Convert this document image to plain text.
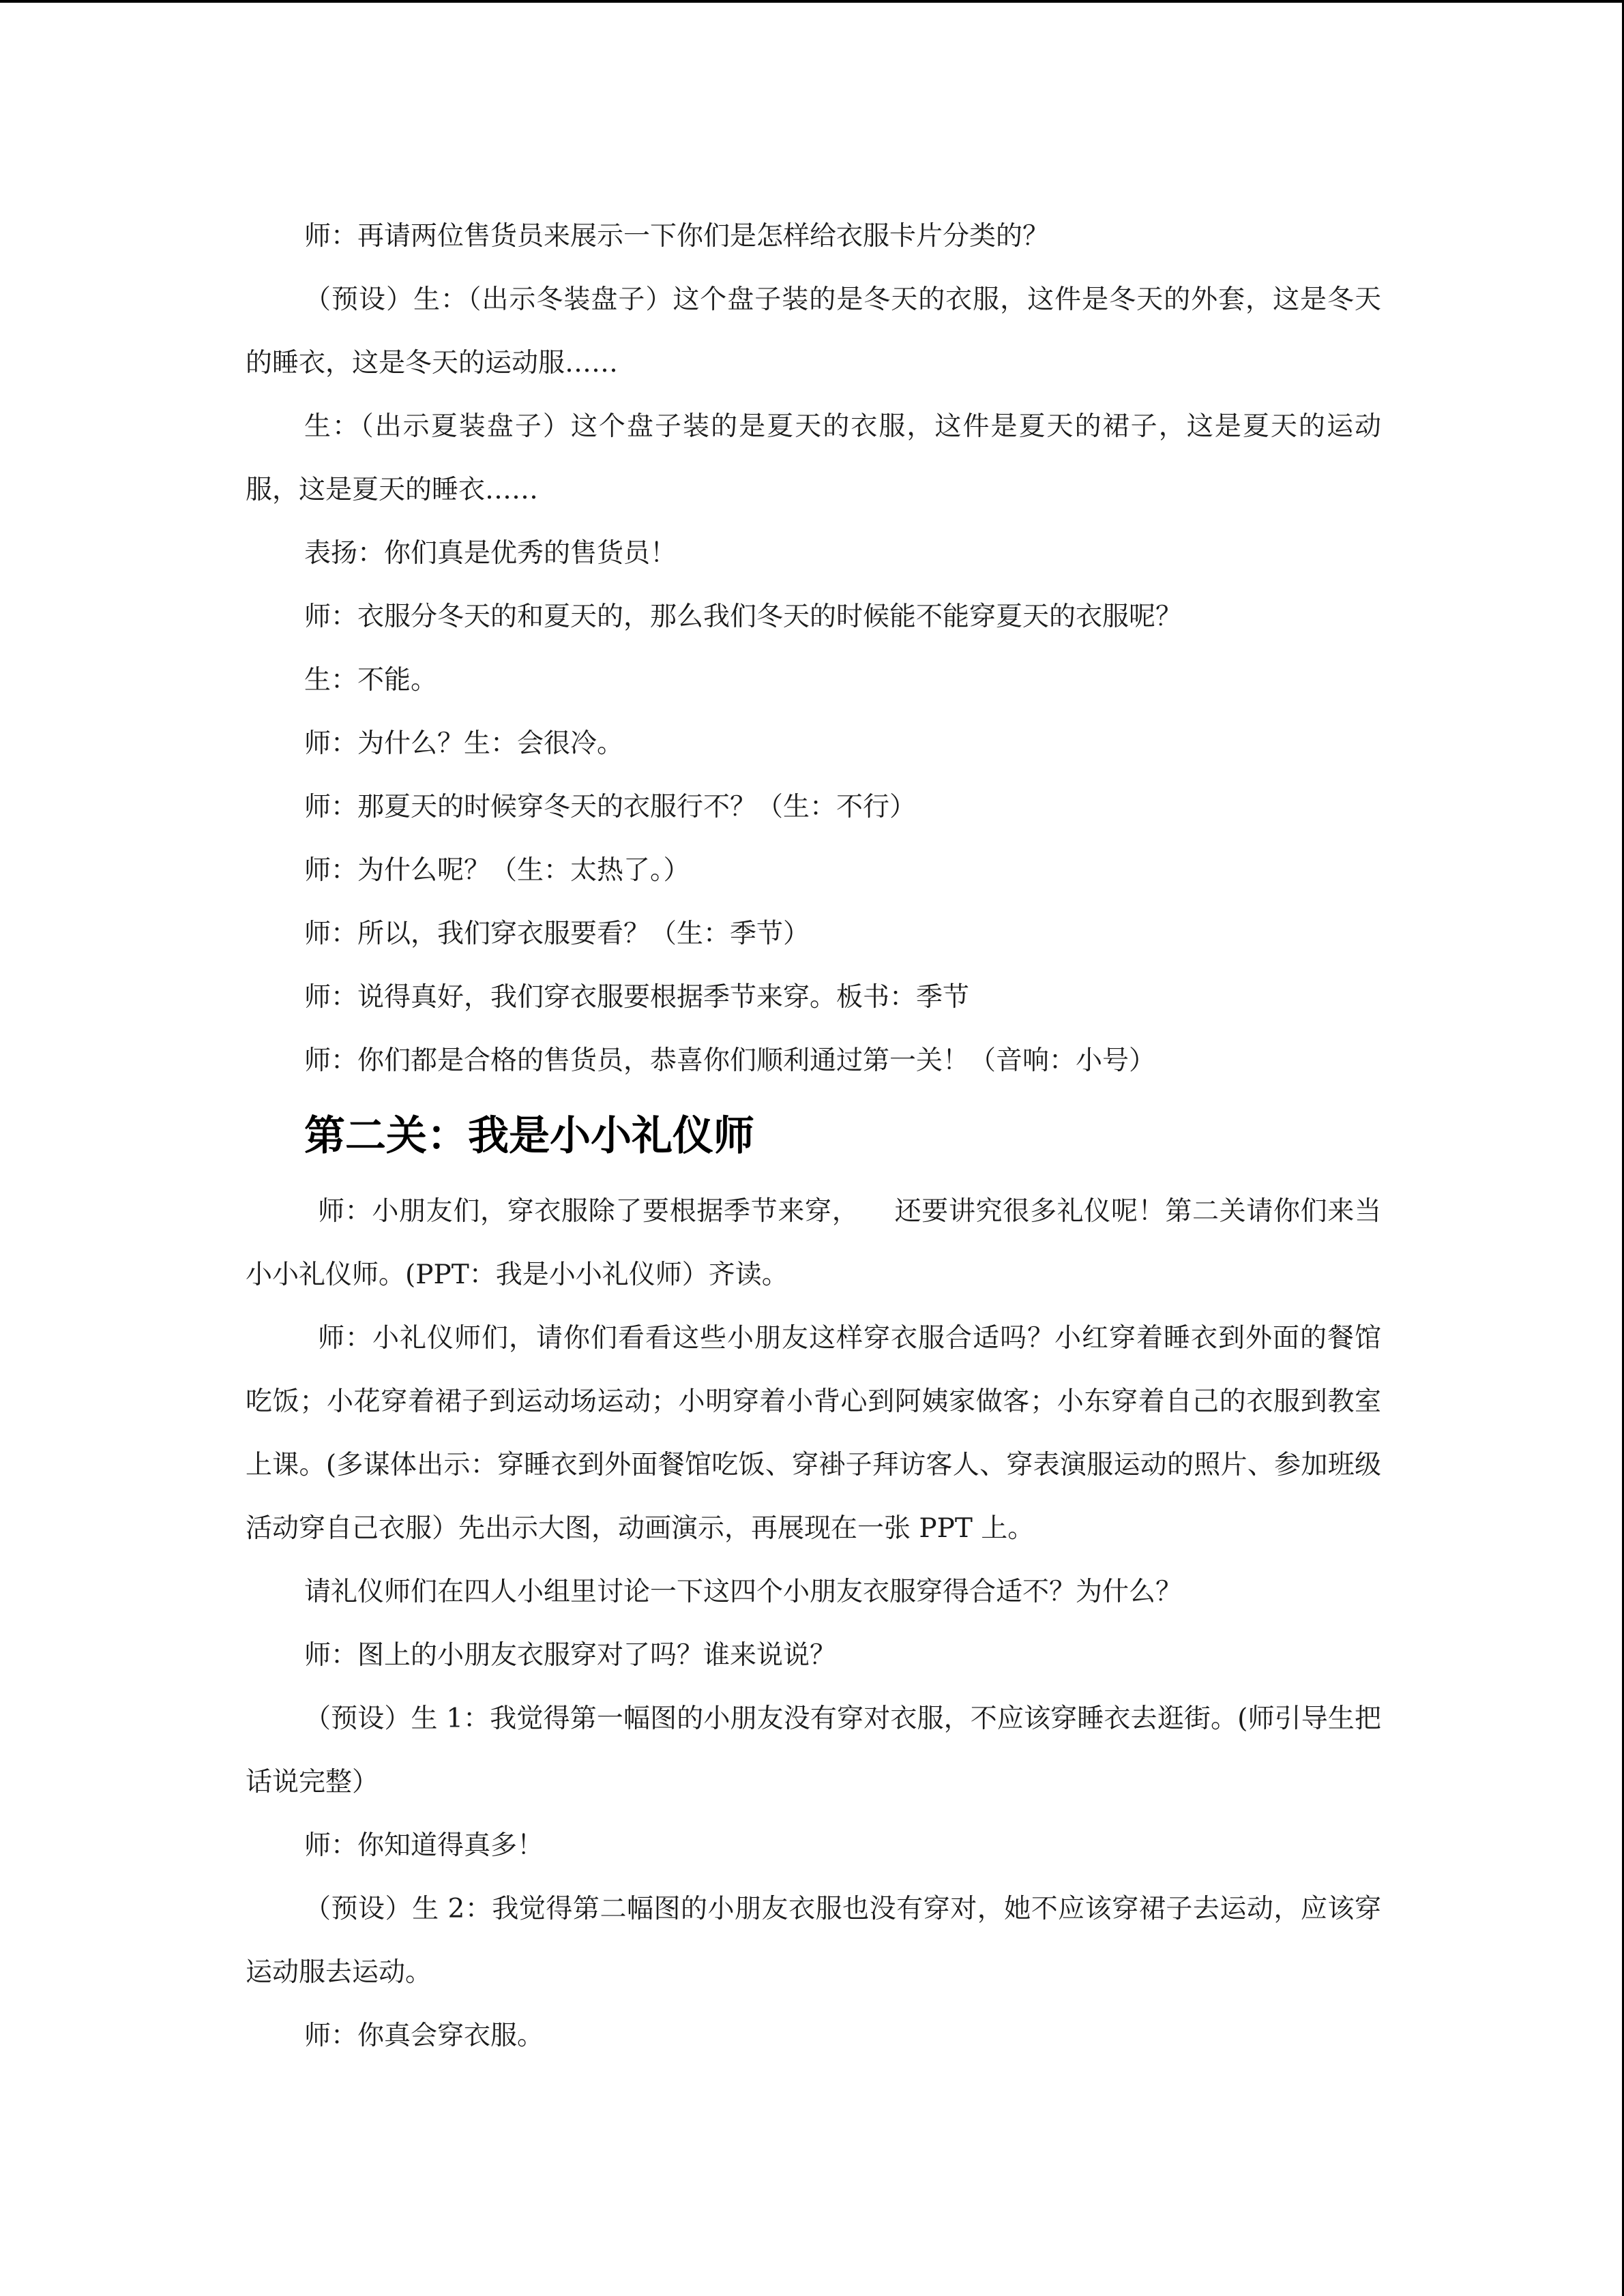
师：再请两位售货员来展示一下你们是怎样给衣服卡片分类的？

（预设）生：（出示冬装盘子）这个盘子装的是冬天的衣服，这件是冬天的外套，这是冬天的睡衣，这是冬天的运动服……

生：（出示夏装盘子）这个盘子装的是夏天的衣服，这件是夏天的裙子，这是夏天的运动服，这是夏天的睡衣……

表扬：你们真是优秀的售货员！

师：衣服分冬天的和夏天的，那么我们冬天的时候能不能穿夏天的衣服呢？

生：不能。

师：为什么？生：会很冷。

师：那夏天的时候穿冬天的衣服行不？（生：不行）

师：为什么呢？（生：太热了。）

师：所以，我们穿衣服要看？（生：季节）

师：说得真好，我们穿衣服要根据季节来穿。板书：季节

师：你们都是合格的售货员，恭喜你们顺利通过第一关！（音响：小号）

第二关：我是小小礼仪师

师：小朋友们，穿衣服除了要根据季节来穿，    还要讲究很多礼仪呢！第二关请你们来当小小礼仪师。(PPT：我是小小礼仪师）齐读。

师：小礼仪师们，请你们看看这些小朋友这样穿衣服合适吗？小红穿着睡衣到外面的餐馆吃饭；小花穿着裙子到运动场运动；小明穿着小背心到阿姨家做客；小东穿着自己的衣服到教室上课。(多谋体出示：穿睡衣到外面餐馆吃饭、穿褂子拜访客人、穿表演服运动的照片、参加班级活动穿自己衣服）先出示大图，动画演示，再展现在一张 PPT 上。

请礼仪师们在四人小组里讨论一下这四个小朋友衣服穿得合适不？为什么？

师：图上的小朋友衣服穿对了吗？谁来说说？

（预设）生 1：我觉得第一幅图的小朋友没有穿对衣服，不应该穿睡衣去逛街。(师引导生把话说完整）

师：你知道得真多！

（预设）生 2：我觉得第二幅图的小朋友衣服也没有穿对，她不应该穿裙子去运动，应该穿运动服去运动。

师：你真会穿衣服。
